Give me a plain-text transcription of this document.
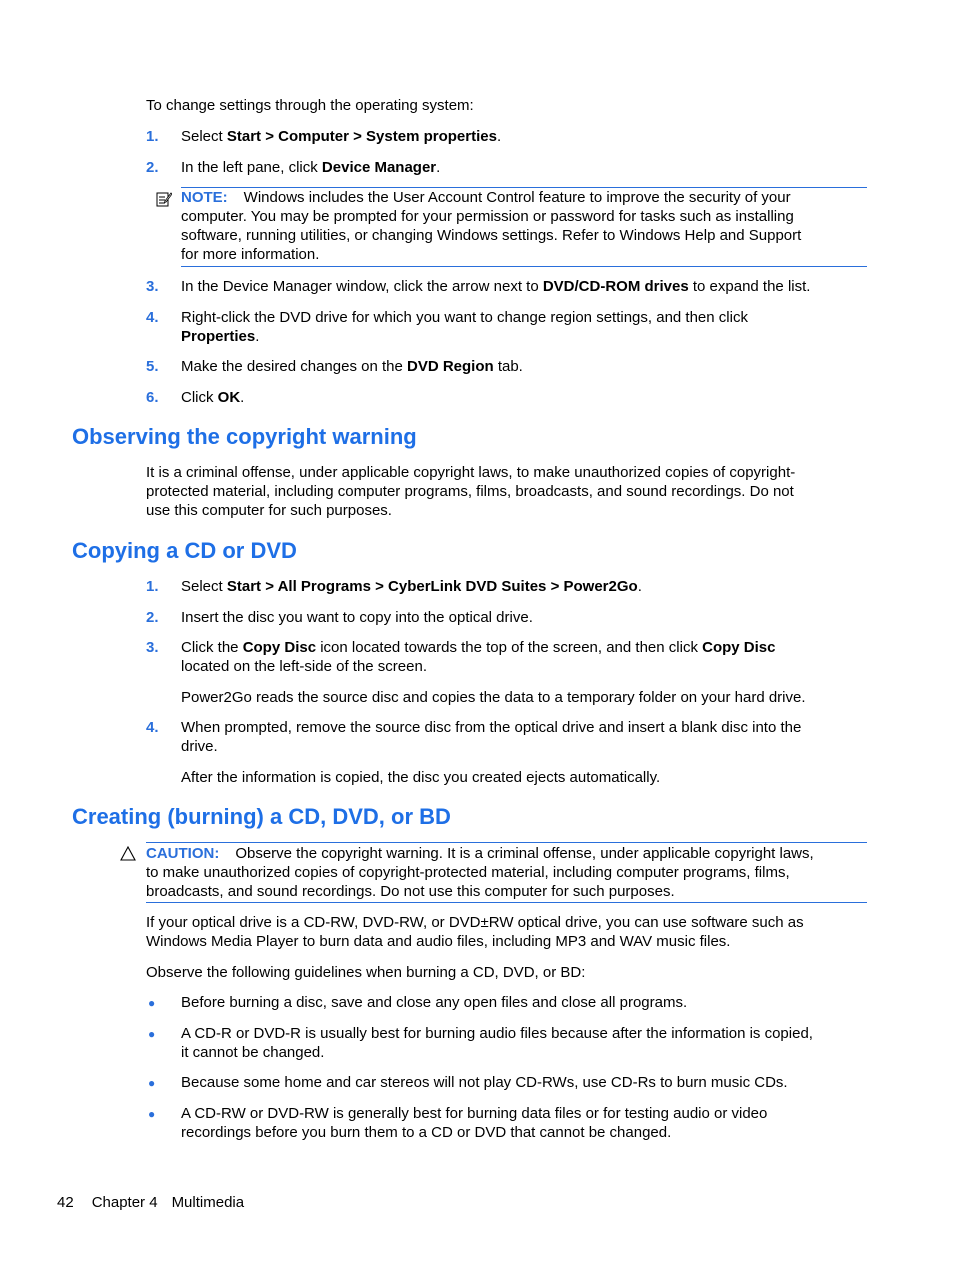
To change settings through the operating system:
1. Select Start > Computer > System properties.
2. In the left pane, click Device Manager.
NOTE: Windows includes the User Account Control feature to improve the security of your
computer. You may be prompted for your permission or password for tasks such as installing
software, running utilities, or changing Windows settings. Refer to Windows Help and Support
for more information.
3. In the Device Manager window, click the arrow next to DVD/CD-ROM drives to expand the list.
4. Right-click the DVD drive for which you want to change region settings, and then click Properties.
5. Make the desired changes on the DVD Region tab.
6. Click OK.
Observing the copyright warning
It is a criminal offense, under applicable copyright laws, to make unauthorized copies of copyright-
protected material, including computer programs, films, broadcasts, and sound recordings. Do not
use this computer for such purposes.
Copying a CD or DVD
1. Select Start > All Programs > CyberLink DVD Suites > Power2Go.
2. Insert the disc you want to copy into the optical drive.
3. Click the Copy Disc icon located towards the top of the screen, and then click Copy Disc
located on the left-side of the screen.
Power2Go reads the source disc and copies the data to a temporary folder on your hard drive.
4. When prompted, remove the source disc from the optical drive and insert a blank disc into the
drive.
After the information is copied, the disc you created ejects automatically.
Creating (burning) a CD, DVD, or BD
CAUTION: Observe the copyright warning. It is a criminal offense, under applicable copyright laws,
to make unauthorized copies of copyright-protected material, including computer programs, films,
broadcasts, and sound recordings. Do not use this computer for such purposes.
If your optical drive is a CD-RW, DVD-RW, or DVD±RW optical drive, you can use software such as
Windows Media Player to burn data and audio files, including MP3 and WAV music files.
Observe the following guidelines when burning a CD, DVD, or BD:
● Before burning a disc, save and close any open files and close all programs.
● A CD-R or DVD-R is usually best for burning audio files because after the information is copied,
it cannot be changed.
● Because some home and car stereos will not play CD-RWs, use CD-Rs to burn music CDs.
● A CD-RW or DVD-RW is generally best for burning data files or for testing audio or video
recordings before you burn them to a CD or DVD that cannot be changed.
42 Chapter 4 Multimedia
